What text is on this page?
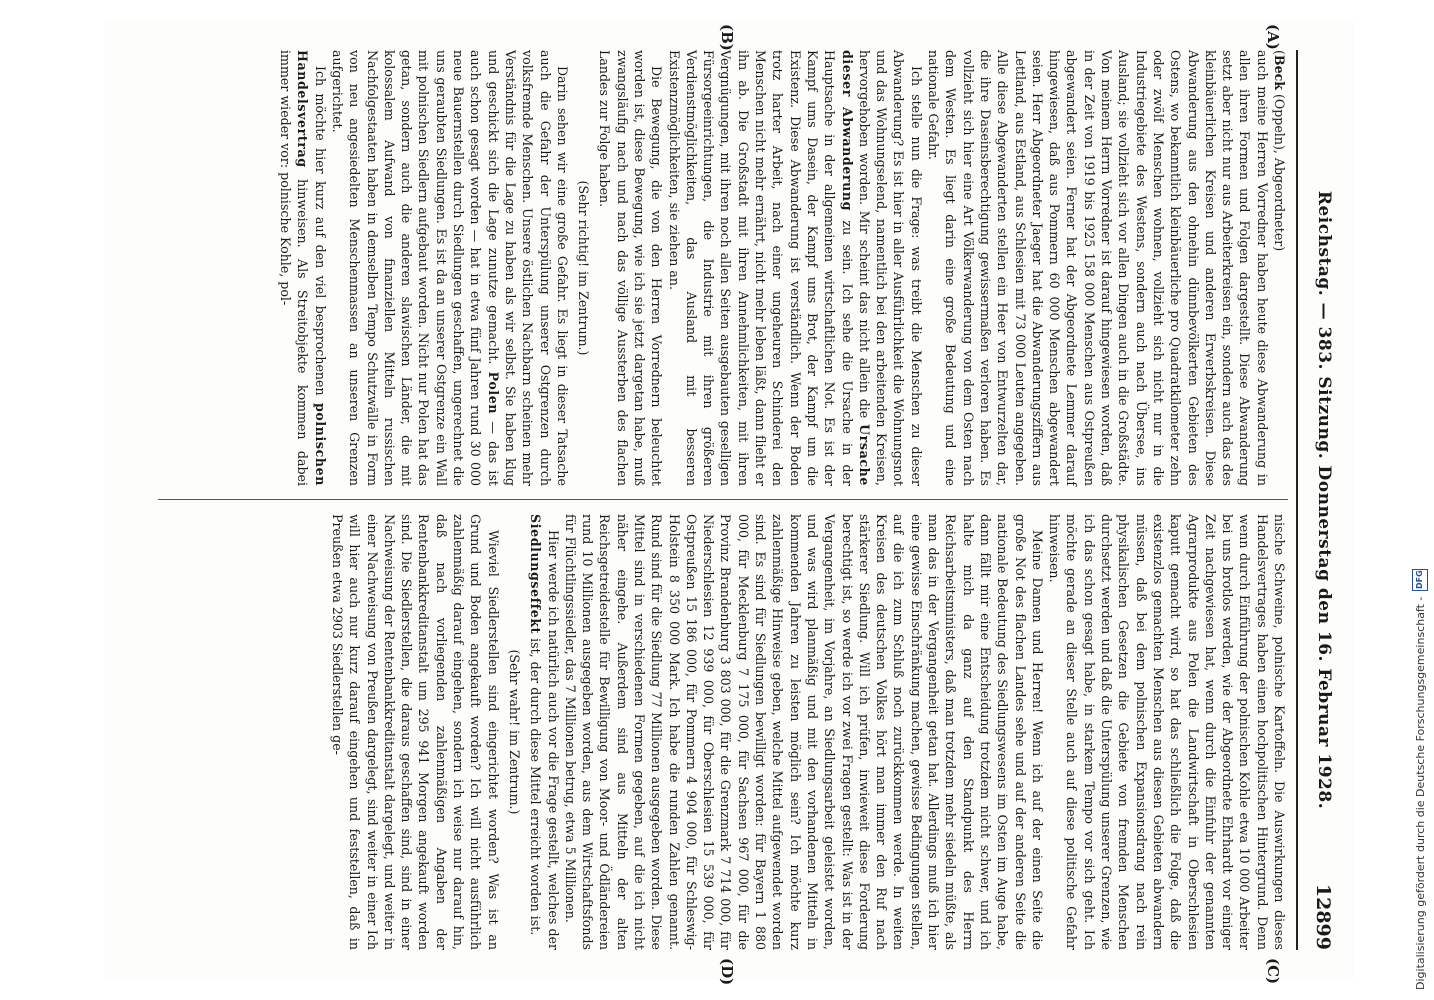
Reichstag. — 383. Sitzung. Donnerstag den 16. Februar 1928.
12899
(A)
(B)
(C)
(D)

(Beck (Oppeln), Abgeordneter)

auch meine Herren Vorredner haben heute diese Abwanderung in allen ihren Formen und Folgen dargestellt. Diese Abwanderung setzt aber nicht nur aus Arbeiterkreisen ein, sondern auch das des kleinbäuerlichen Kreisen und anderen Erwerbskreisen. Diese Abwanderung aus den ohnehin dünnbevölkerten Gebieten des Ostens, wo bekanntlich kleinbäuerliche pro Quadratkilometer zehn oder zwölf Menschen wohnen, vollzieht sich nicht nur in die Industriegebiete des Westens, sondern auch nach Übersee, ins Ausland; sie vollzieht sich vor allen Dingen auch in die Großstädte. Von meinem Herrn Vorredner ist darauf hingewiesen worden, daß in der Zeit von 1919 bis 1925 158 000 Menschen aus Ostpreußen abgewandert seien. Ferner hat der Abgeordnete Lemmer darauf hingewiesen, daß aus Pommern 60 000 Menschen abgewandert seien. Herr Abgeordneter Jaeger hat die Abwanderungsziffern aus Lettland, aus Estland, aus Schlesien mit 73 000 Leuten angegeben. Alle diese Abgewanderten stellen ein Heer von Entwurzelten dar, die ihre Daseinsberechtigung gewissermaßen verloren haben. Es vollzieht sich hier eine Art Völkerwanderung von dem Osten nach dem Westen. Es liegt darin eine große Bedeutung und eine nationale Gefahr.

Ich stelle nun die Frage: was treibt die Menschen zu dieser Abwanderung? Es ist hier in aller Ausführlichkeit die Wohnungsnot und das Wohnungselend, namentlich bei den arbeitenden Kreisen, hervorgehoben worden. Mir scheint das nicht allein die Ursache dieser Abwanderung zu sein. Ich sehe die Ursache in der Hauptsache in der allgemeinen wirtschaftlichen Not. Es ist der Kampf ums Dasein, der Kampf ums Brot, der Kampf um die Existenz. Diese Abwanderung ist verständlich. Wenn der Boden trotz harter Arbeit, nach einer ungeheuren Schinderei den Menschen nicht mehr ernährt, nicht mehr leben läßt, dann flieht er ihn ab. Die Großstadt mit ihren Annehmlichkeiten, mit ihren Vergnügungen, mit ihren noch allen Seiten ausgebauten geselligen Fürsorgeeinrichtungen, die Industrie mit ihren größeren Verdienstmöglichkeiten, das Ausland mit besseren Existenzmöglichkeiten, sie ziehen an.

Die Bewegung, die von den Herren Vorrednern beleuchtet worden ist, diese Bewegung, wie ich sie jetzt dargetan habe, muß zwangsläufig nach und nach das völlige Aussterben des flachen Landes zur Folge haben.

(Sehr richtig! im Zentrum.)

Darin sehen wir eine große Gefahr. Es liegt in dieser Tatsache auch die Gefahr der Unterspülung unserer Ostgrenzen durch volksfremde Menschen. Unsere östlichen Nachbarn scheinen mehr Verständnis für die Lage zu haben als wir selbst. Sie haben klug und geschickt sich die Lage zunutze gemacht. Polen — das ist auch schon gesagt worden — hat in etwa fünf Jahren rund 30 000 neue Bauernstellen durch Siedlungen geschaffen, ungerechnet die uns geraubten Siedlungen. Es ist da an unserer Ostgrenze ein Wall mit polnischen Siedlern aufgebaut worden. Nicht nur Polen hat das getan, sondern auch die anderen slawischen Länder, die mit kolossalem Aufwand von finanziellen Mitteln russischen Nachfolgestaaten haben in demselben Tempo Schutzwälle in Form von neu angesiedelten Menschenmassen an unseren Grenzen aufgerichtet.

Ich möchte hier kurz auf den viel besprochenen polnischen Handelsvertrag hinweisen. Als Streitobjekte kommen dabei immer wieder vor: polnische Kohle, pol-

nische Schweine, polnische Kartoffeln. Die Auswirkungen dieses Handelsvertrages haben einen hochpolitischen Hintergrund. Denn wenn durch Einführung der polnischen Kohle etwa 10 000 Arbeiter bei uns brotlos werden, wie der Abgeordnete Ehrhardt vor einiger Zeit nachgewiesen hat, wenn durch die Einfuhr der genannten Agrarprodukte aus Polen die Landwirtschaft in Oberschlesien kaputt gemacht wird, so hat das schließlich die Folge, daß die existenzlos gemachten Menschen aus diesen Gebieten abwandern müssen, daß bei dem polnischen Expansionsdrang nach rein physikalischen Gesetzen die Gebiete von fremden Menschen durchsetzt werden und daß die Unterspülung unserer Grenzen, wie ich das schon gesagt habe, in starkem Tempo vor sich geht. Ich möchte gerade an dieser Stelle auch auf diese politische Gefahr hinweisen.

Meine Damen und Herren! Wenn ich auf der einen Seite die große Not des flachen Landes sehe und auf der anderen Seite die nationale Bedeutung des Siedlungswesens im Osten im Auge habe, dann fällt mir eine Entscheidung trotzdem nicht schwer, und ich halte mich da ganz auf den Standpunkt des Herrn Reichsarbeitsministers, daß man trotzdem mehr siedeln müßte, als man das in der Vergangenheit getan hat. Allerdings muß ich hier eine gewisse Einschränkung machen, gewisse Bedingungen stellen, auf die ich zum Schluß noch zurückkommen werde. In weiten Kreisen des deutschen Volkes hört man immer den Ruf nach stärkerer Siedlung. Will ich prüfen, inwieweit diese Forderung berechtigt ist, so werde ich vor zwei Fragen gestellt: Was ist in der Vergangenheit, im Vorjahre, an Siedlungsarbeit geleistet worden, und was wird planmäßig und mit den vorhandenen Mitteln in kommenden Jahren zu leisten möglich sein? Ich möchte kurz zahlenmäßige Hinweise geben, welche Mittel aufgewendet worden sind. Es sind für Siedlungen bewilligt worden: für Bayern 1 880 000, für Mecklenburg 7 175 000, für Sachsen 967 000, für die Provinz Brandenburg 3 803 000, für die Grenzmark 7 714 000, für Niederschlesien 12 939 000, für Oberschlesien 15 539 000, für Ostpreußen 15 186 000, für Pommern 4 904 000, für Schleswig-Holstein 8 350 000 Mark. Ich habe die runden Zahlen genannt. Rund sind für die Siedlung 77 Millionen ausgegeben worden. Diese Mittel sind in verschiedenen Formen gegeben, auf die ich nicht näher eingehe. Außerdem sind aus Mitteln der alten Reichsgetreidestelle für Bewilligung von Moor- und Ödländereien rund 10 Millionen ausgegeben worden, aus dem Wirtschaftsfonds für Flüchtlingssiedler, das 7 Millionen betrug, etwa 5 Millionen.

Hier werde ich natürlich auch vor die Frage gestellt, welches der Siedlungseffekt ist, der durch diese Mittel erreicht worden ist.

(Sehr wahr! im Zentrum.)

Wieviel Siedlerstellen sind eingerichtet worden? Was ist an Grund und Boden angekauft worden? Ich will nicht ausführlich zahlenmäßig darauf eingehen, sondern ich weise nur darauf hin, daß nach vorliegenden zahlenmäßigen Angaben der Rentenbankkreditanstalt um 295 941 Morgen angekauft worden sind. Die Siedlerstellen, die daraus geschaffen sind, sind in einer Nachweisung der Rentenbankkreditanstalt dargelegt, und weiter in einer Nachweisung von Preußen dargelegt, sind weiter in einer Ich will hier auch nur kurz darauf eingehen und feststellen, daß in Preußen etwa 2903 Siedlerstellen ge-	Digitalisierung gefördert durch die Deutsche Forschungsgemeinschaft -
DFG
